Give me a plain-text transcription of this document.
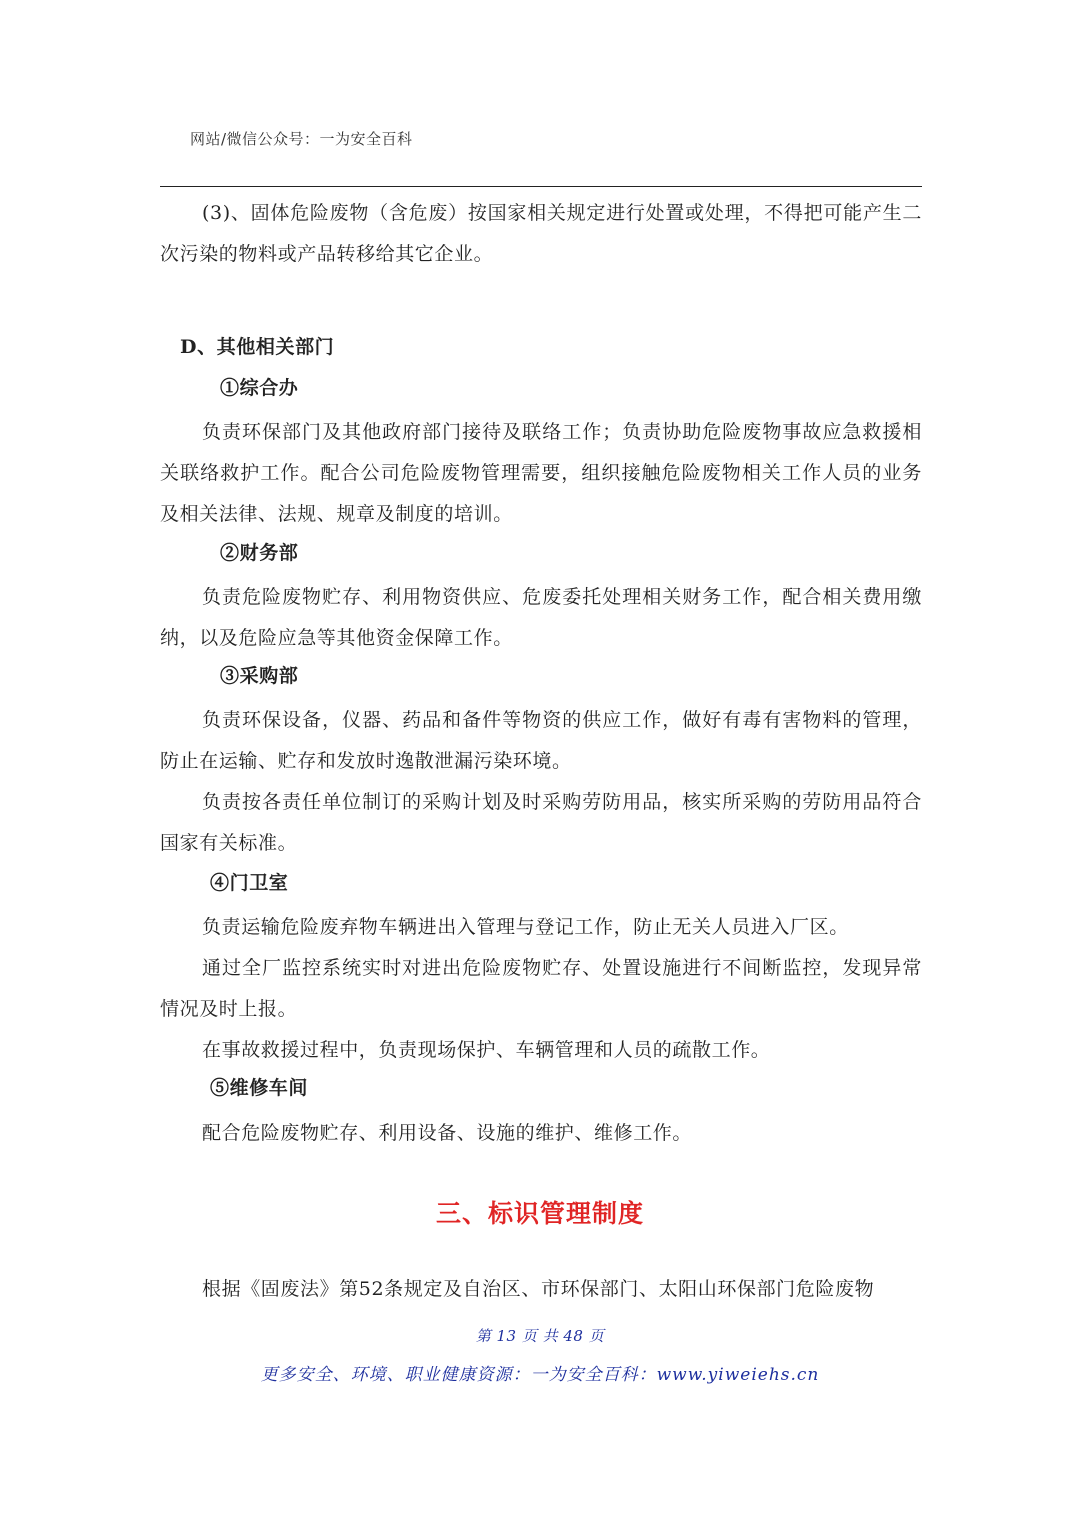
网站/微信公众号：一为安全百科

(3)、固体危险废物（含危废）按国家相关规定进行处置或处理，不得把可能产生二次污染的物料或产品转移给其它企业。

D、其他相关部门
①综合办

负责环保部门及其他政府部门接待及联络工作；负责协助危险废物事故应急救援相关联络救护工作。配合公司危险废物管理需要，组织接触危险废物相关工作人员的业务及相关法律、法规、规章及制度的培训。

②财务部

负责危险废物贮存、利用物资供应、危废委托处理相关财务工作，配合相关费用缴纳，以及危险应急等其他资金保障工作。

③采购部

负责环保设备，仪器、药品和备件等物资的供应工作，做好有毒有害物料的管理，防止在运输、贮存和发放时逸散泄漏污染环境。

负责按各责任单位制订的采购计划及时采购劳防用品，核实所采购的劳防用品符合国家有关标准。

④门卫室

负责运输危险废弃物车辆进出入管理与登记工作，防止无关人员进入厂区。

通过全厂监控系统实时对进出危险废物贮存、处置设施进行不间断监控，发现异常情况及时上报。

在事故救援过程中，负责现场保护、车辆管理和人员的疏散工作。

⑤维修车间

配合危险废物贮存、利用设备、设施的维护、维修工作。

三、标识管理制度

根据《固废法》第52条规定及自治区、市环保部门、太阳山环保部门危险废物

第 13 页 共 48 页
更多安全、环境、职业健康资源：一为安全百科：www.yiweiehs.cn
